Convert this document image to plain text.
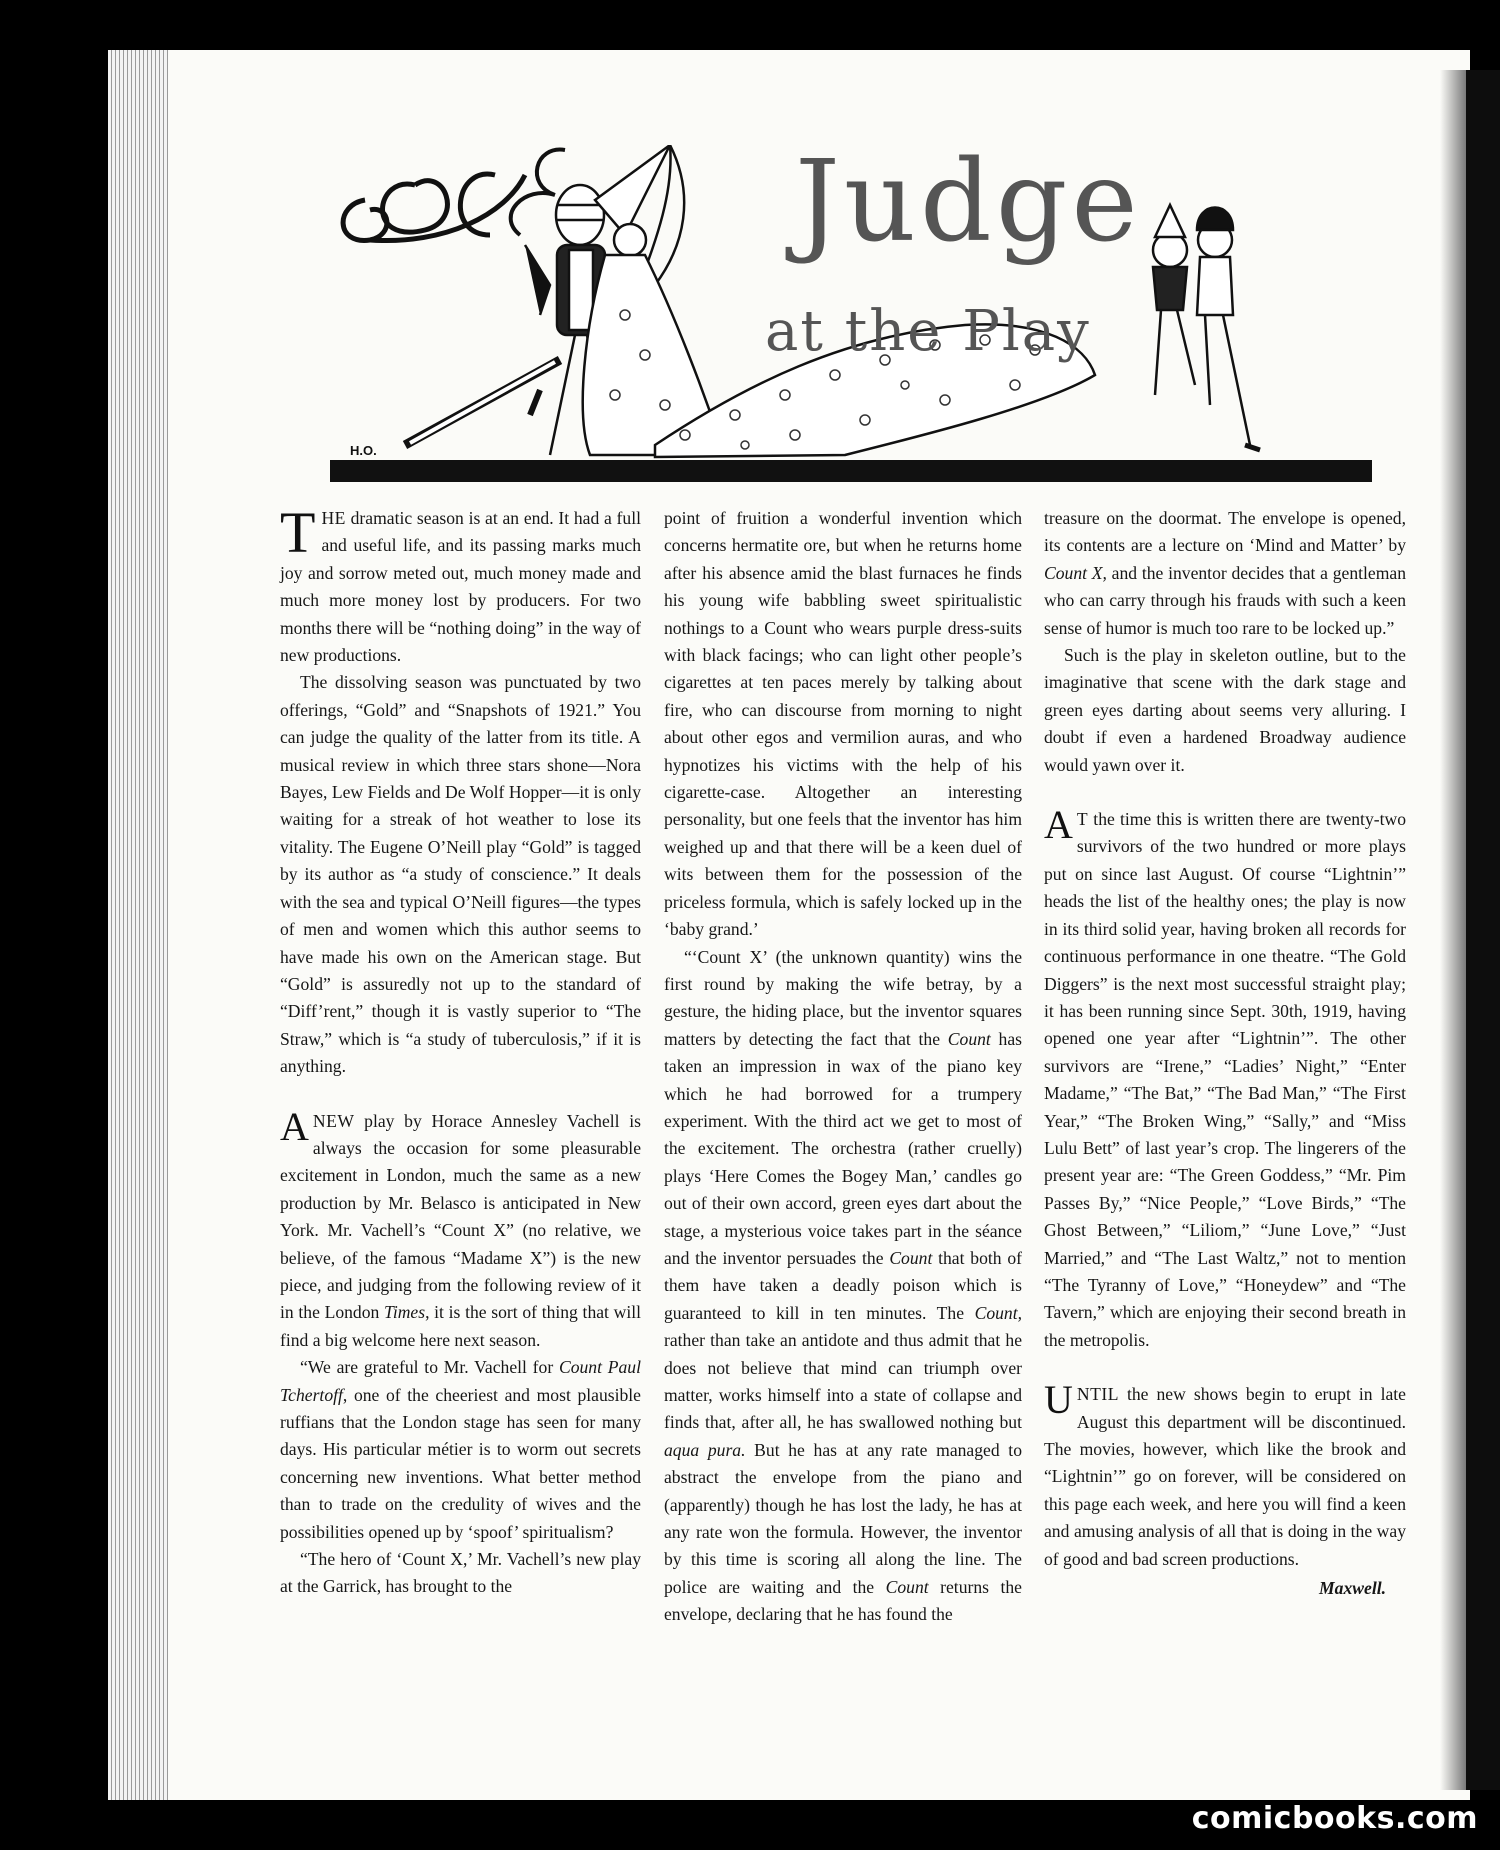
Judge
at the Play
H.O.

THE dramatic season is at an end. It had a full and useful life, and its passing marks much joy and sorrow meted out, much money made and much more money lost by producers. For two months there will be “nothing doing” in the way of new productions.

The dissolving season was punctuated by two offerings, “Gold” and “Snapshots of 1921.” You can judge the quality of the latter from its title. A musical review in which three stars shone—Nora Bayes, Lew Fields and De Wolf Hopper—it is only waiting for a streak of hot weather to lose its vitality. The Eugene O’Neill play “Gold” is tagged by its author as “a study of conscience.” It deals with the sea and typical O’Neill figures—the types of men and women which this author seems to have made his own on the American stage. But “Gold” is assuredly not up to the standard of “Diff’rent,” though it is vastly superior to “The Straw,” which is “a study of tuberculosis,” if it is anything.

ANEW play by Horace Annesley Vachell is always the occasion for some pleasurable excitement in London, much the same as a new production by Mr. Belasco is anticipated in New York. Mr. Vachell’s “Count X” (no relative, we believe, of the famous “Madame X”) is the new piece, and judging from the following review of it in the London Times, it is the sort of thing that will find a big welcome here next season.

“We are grateful to Mr. Vachell for Count Paul Tchertoff, one of the cheeriest and most plausible ruffians that the London stage has seen for many days. His particular métier is to worm out secrets concerning new inventions. What better method than to trade on the credulity of wives and the possibilities opened up by ‘spoof’ spiritualism?

“The hero of ‘Count X,’ Mr. Vachell’s new play at the Garrick, has brought to the

point of fruition a wonderful invention which concerns hermatite ore, but when he returns home after his absence amid the blast furnaces he finds his young wife babbling sweet spiritualistic nothings to a Count who wears purple dress-suits with black facings; who can light other people’s cigarettes at ten paces merely by talking about fire, who can discourse from morning to night about other egos and vermilion auras, and who hypnotizes his victims with the help of his cigarette-case. Altogether an interesting personality, but one feels that the inventor has him weighed up and that there will be a keen duel of wits between them for the possession of the priceless formula, which is safely locked up in the ‘baby grand.’

“‘Count X’ (the unknown quantity) wins the first round by making the wife betray, by a gesture, the hiding place, but the inventor squares matters by detecting the fact that the Count has taken an impression in wax of the piano key which he had borrowed for a trumpery experiment. With the third act we get to most of the excitement. The orchestra (rather cruelly) plays ‘Here Comes the Bogey Man,’ candles go out of their own accord, green eyes dart about the stage, a mysterious voice takes part in the séance and the inventor persuades the Count that both of them have taken a deadly poison which is guaranteed to kill in ten minutes. The Count, rather than take an antidote and thus admit that he does not believe that mind can triumph over matter, works himself into a state of collapse and finds that, after all, he has swallowed nothing but aqua pura. But he has at any rate managed to abstract the envelope from the piano and (apparently) though he has lost the lady, he has at any rate won the formula. However, the inventor by this time is scoring all along the line. The police are waiting and the Count returns the envelope, declaring that he has found the

treasure on the doormat. The envelope is opened, its contents are a lecture on ‘Mind and Matter’ by Count X, and the inventor decides that a gentleman who can carry through his frauds with such a keen sense of humor is much too rare to be locked up.”

Such is the play in skeleton outline, but to the imaginative that scene with the dark stage and green eyes darting about seems very alluring. I doubt if even a hardened Broadway audience would yawn over it.

A T the time this is written there are twenty-two survivors of the two hundred or more plays put on since last August. Of course “Lightnin’” heads the list of the healthy ones; the play is now in its third solid year, having broken all records for continuous performance in one theatre. “The Gold Diggers” is the next most successful straight play; it has been running since Sept. 30th, 1919, having opened one year after “Lightnin’”. The other survivors are “Irene,” “Ladies’ Night,” “Enter Madame,” “The Bat,” “The Bad Man,” “The First Year,” “The Broken Wing,” “Sally,” and “Miss Lulu Bett” of last year’s crop. The lingerers of the present year are: “The Green Goddess,” “Mr. Pim Passes By,” “Nice People,” “Love Birds,” “The Ghost Between,” “Liliom,” “June Love,” “Just Married,” and “The Last Waltz,” not to mention “The Tyranny of Love,” “Honeydew” and “The Tavern,” which are enjoying their second breath in the metropolis.

UNTIL the new shows begin to erupt in late August this department will be discontinued. The movies, however, which like the brook and “Lightnin’” go on forever, will be considered on this page each week, and here you will find a keen and amusing analysis of all that is doing in the way of good and bad screen productions.

Maxwell.
comicbooks.com
